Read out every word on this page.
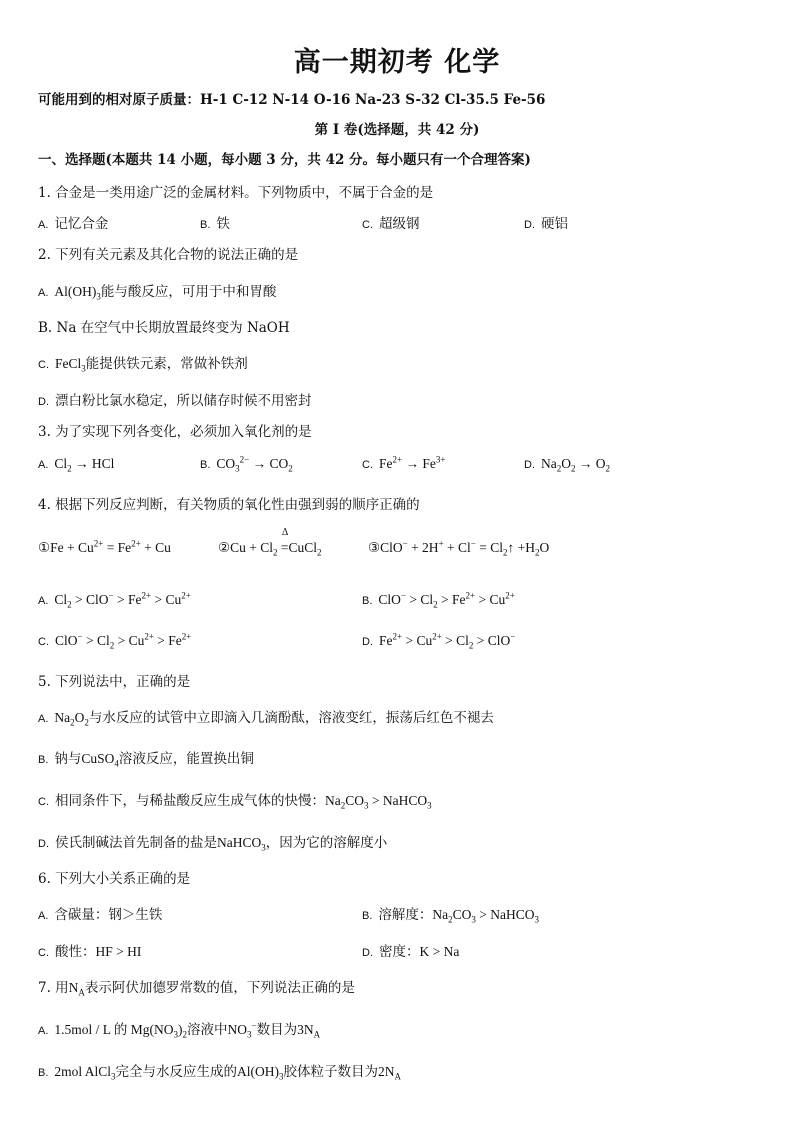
高一期初考 化学
可能用到的相对原子质量：H-1 C-12 N-14 O-16 Na-23 S-32 Cl-35.5 Fe-56
第 I 卷(选择题，共 42 分)
一、选择题(本题共 14 小题，每小题 3 分，共 42 分。每小题只有一个合理答案)
1. 合金是一类用途广泛的金属材料。下列物质中，不属于合金的是
A. 记忆合金	B. 铁	C. 超级钢	D. 硬铝
2. 下列有关元素及其化合物的说法正确的是
A. $Al(OH)_3$能与酸反应，可用于中和胃酸
B. Na 在空气中长期放置最终变为 NaOH
C. FeCl$_3$能提供铁元素，常做补铁剂
D. 漂白粉比氯水稳定，所以储存时候不用密封
3. 为了实现下列各变化，必须加入氧化剂的是
A. $Cl_2$ → HCl	B. $CO_3^{2-} \to CO_2$	C. $Fe^{2+} \to Fe^{3+}$	D. $Na_2O_2 \to O_2$
4. 根据下列反应判断，有关物质的氧化性由强到弱的顺序正确的
①Fe + $Cu^{2+} = Fe^{2+} + Cu$	②Cu + $Cl_2$ =
Δ
CuCl$_2$	③ClO− + $2H^+ + Cl^- = Cl_2↑ +H_2O$
A. $Cl_2 > ClO^- > Fe^{2+} > Cu^{2+}$	B. $ClO^- > Cl_2 > Fe^{2+} > Cu^{2+}$
C. $ClO^- > Cl_2 > Cu^{2+} > Fe^{2+}$	D. $Fe^{2+} > Cu^{2+} > Cl_2 > ClO^-$
5. 下列说法中，正确的是
A. $Na_2O_2$与水反应的试管中立即滴入几滴酚酞，溶液变红，振荡后红色不褪去
B. 钠与CuSO$_4$溶液反应，能置换出铜
C. 相同条件下，与稀盐酸反应生成气体的快慢：$Na_2CO_3$ > NaHCO$_3$
D. 侯氏制碱法首先制备的盐是NaHCO$_3$，因为它的溶解度小
6. 下列大小关系正确的是
A. 含碳量：钢＞生铁	B. 溶解度：$Na_2CO_3$ > NaHCO$_3$
C. 酸性：HF > HI	D. 密度：K > Na
7. 用$N_A$表示阿伏加德罗常数的值，下列说法正确的是
A. 1.5mol / L 的 $Mg(NO_3)_2$溶液中$NO_3^-$数目为$3N_A$
B. 2mol AlCl$_3$完全与水反应生成的$Al(OH)_3$胶体粒子数目为$2N_A$
